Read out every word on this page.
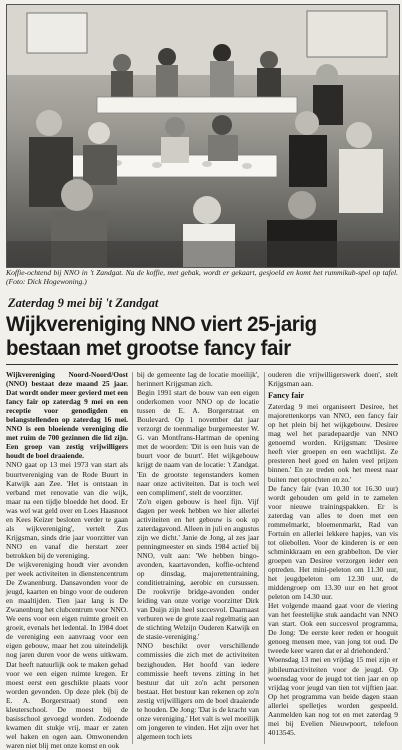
Koffie-ochtend bij NNO in 't Zandgat. Na de koffie, met gebak, wordt er gekaart, gesjoeld en komt het rummikub-spel op tafel. (Foto: Dick Hogewoning.)
Zaterdag 9 mei bij 't Zandgat
Wijkvereniging NNO viert 25-jarig
bestaan met grootse fancy fair

Wijkvereniging Noord-Noord/Oost (NNO) bestaat deze maand 25 jaar. Dat wordt onder meer gevierd met een fancy fair op zaterdag 9 mei en een receptie voor genodigden en belangstellenden op zaterdag 16 mei. NNO is een bloeiende vereniging die met ruim de 700 gezinnen die lid zijn. Een groep van zestig vrijwilligers houdt de boel draaiende.

NNO gaat op 13 mei 1973 van start als buurtvereniging van de Rode Buurt in Katwijk aan Zee. 'Het is ontstaan in verband met renovatie van die wijk, maar na een tijdje bloedde het dood. Er was wel wat geld over en Loes Haasnoot en Kees Keizer besloten verder te gaan als wijkvereniging', vertelt Zus Krijgsman, sinds drie jaar voorzitter van NNO en vanaf die herstart zeer betrokken bij de vereniging.

De wijkvereniging houdt vier avonden per week activiteiten in dienstencentrum De Zwanenburg. Dansavonden voor de jeugd, kaarten en bingo voor de ouderen en maaltijden. Tien jaar lang is De Zwanenburg het clubcentrum voor NNO. We eens voor een eigen ruimte groeit en groeit, evenals het ledental. In 1984 doet de vereniging een aanvraag voor een eigen gebouw, maar het zou uiteindelijk nog jaren duren voor de wens uitkwam. Dat heeft natuurlijk ook te maken gehad voor we een eigen ruimte kregen. Er moest eerst een geschikte plaats voor worden gevonden. Op deze plek (bij de E. A. Borgerstraat) stond een kleuterschool. De moest bij de basisschool gevoegd worden. Zodoende kwamen dit stukje vrij, maar er zaten wel haken en ogen aan. Omwonenden waren niet blij met onze komst en ook

bij de gemeente lag de locatie moeilijk', herinnert Krijgsman zich.

Begin 1991 start de bouw van een eigen onderkomen voor NNO op de locatie tussen de E. A. Borgerstraat en Boulevard. Op 1 november dat jaar verzorgt de toenmalige burgemeester W. G. van Montfrans-Hartman de opening met de woorden: 'Dit is een huis van de buurt voor de buurt'. Het wijkgebouw krijgt de naam van de locatie: 't Zandgat. 'En de grootste tegenstanders komen naar onze activiteiten. Dat is toch wel een compliment', stelt de voorzitter.

'Zo'n eigen gebouw is heel fijn. Vijf dagen per week hebben we hier allerlei activiteiten en het gebouw is ook op zaterdagavond. Alleen in juli en augustus zijn we dicht.' Janie de Jong, al zes jaar penningmeester en sinds 1984 actief bij NNO, vult aan: 'We hebben bingo-avonden, kaartavonden, koffie-ochtend op dinsdag, majorettentraining, conditietraining, aerobic en cursussen. De rookvrije bridge-avonden onder leiding van onze vorige voorzitter Dirk van Duijn zijn heel succesvol. Daarnaast verhuren we de grote zaal regelmatig aan de stichting Welzijn Ouderen Katwijk en de stasie-vereniging.'

NNO beschikt over verschillende commissies die zich met de activiteiten bezighouden. Het hoofd van iedere commissie heeft tevens zitting in het bestuur dat uit zo'n acht personen bestaat. Het bestuur kan rekenen op zo'n zestig vrijwilligers om de boel draaiende te houden. De Jong: 'Dat is de kracht van onze vereniging.' Het valt is wel moeilijk om jongeren te vinden. Het zijn over het algemeen toch iets

ouderen die vrijwilligerswerk doen', stelt Krijgsman aan.

Fancy fair

Zaterdag 9 mei organiseert Desiree, het majorettenkorps van NNO, een fancy fair op het plein bij het wijkgebouw. Desiree mag wel het paradepaardje van NNO genoemd worden. Krijgsman: 'Desiree heeft vier groepen en een wachtlijst. Ze presteren heel goed en halen veel prijzen binnen.' En ze treden ook het meest naar buiten met optochten en zo.'

De fancy fair (van 10.30 tot 16.30 uur) wordt gehouden om geld in te zamelen voor nieuwe trainingspakken. Er is zaterdag van alles te doen met een rommelmarkt, bloemenmarkt, Rad van Fortuin en allerlei lekkere hapjes, van vis tot oliebollen. Voor de kinderen is er een schminkkraam en een grabbelton. De vier groepen van Desiree verzorgen ieder een optreden. Het mini-peleton om 11.30 uur, het jeugdpeleton om 12.30 uur, de middengroep om 13.30 uur en het groot peleton om 14.30 uur.

Het volgende maand gaat voor de viering van het feestelijke stuk aandacht van NNO van start. Ook een succesvol programma, De Jong: 'De eerste keer reden er hooguit genoeg mensen mee, van jong tot oud. De tweede keer waren dat er al driehonderd.'

Woensdag 13 mei en vrijdag 15 mei zijn er jubileumactiviteiten voor de jeugd. Op woensdag voor de jeugd tot tien jaar en op vrijdag voor jeugd van tien tot vijftien jaar. Op het programma van beide dagen staan allerlei spelletjes worden gespeeld. Aanmelden kan nog tot en met zaterdag 9 mei bij Evelien Nieuwpoort, telefoon 4013545.
